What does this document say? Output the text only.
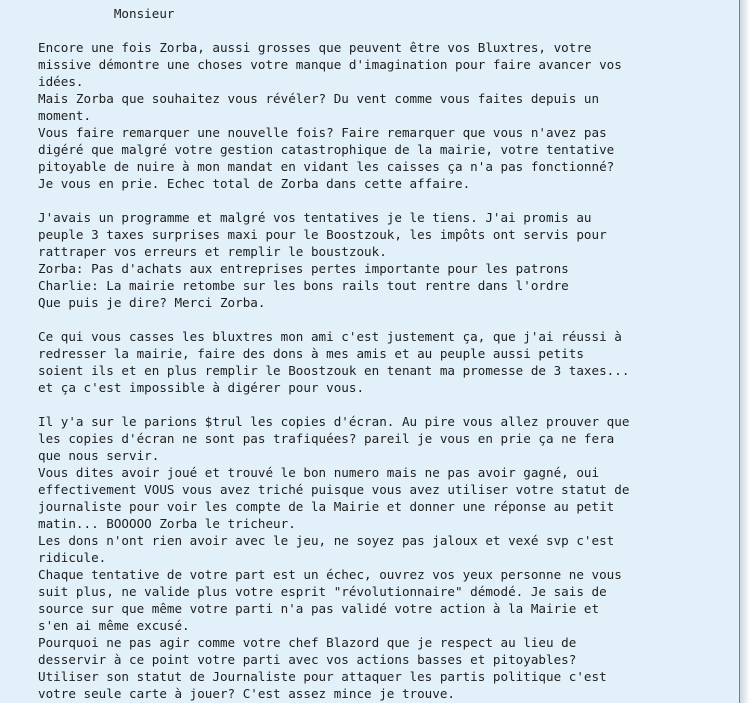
Monsieur

Encore une fois Zorba, aussi grosses que peuvent être vos Bluxtres, votre
missive démontre une choses votre manque d'imagination pour faire avancer vos
idées.
Mais Zorba que souhaitez vous révéler? Du vent comme vous faites depuis un
moment.
Vous faire remarquer une nouvelle fois? Faire remarquer que vous n'avez pas
digéré que malgré votre gestion catastrophique de la mairie, votre tentative
pitoyable de nuire à mon mandat en vidant les caisses ça n'a pas fonctionné?
Je vous en prie. Echec total de Zorba dans cette affaire.

J'avais un programme et malgré vos tentatives je le tiens. J'ai promis au
peuple 3 taxes surprises maxi pour le Boostzouk, les impôts ont servis pour
rattraper vos erreurs et remplir le boustzouk.
Zorba: Pas d'achats aux entreprises pertes importante pour les patrons
Charlie: La mairie retombe sur les bons rails tout rentre dans l'ordre
Que puis je dire? Merci Zorba.

Ce qui vous casses les bluxtres mon ami c'est justement ça, que j'ai réussi à
redresser la mairie, faire des dons à mes amis et au peuple aussi petits
soient ils et en plus remplir le Boostzouk en tenant ma promesse de 3 taxes...
et ça c'est impossible à digérer pour vous.

Il y'a sur le parions $trul les copies d'écran. Au pire vous allez prouver que
les copies d'écran ne sont pas trafiquées? pareil je vous en prie ça ne fera
que nous servir.
Vous dites avoir joué et trouvé le bon numero mais ne pas avoir gagné, oui
effectivement VOUS vous avez triché puisque vous avez utiliser votre statut de
journaliste pour voir les compte de la Mairie et donner une réponse au petit
matin... BOOOOO Zorba le tricheur.
Les dons n'ont rien avoir avec le jeu, ne soyez pas jaloux et vexé svp c'est
ridicule.
Chaque tentative de votre part est un échec, ouvrez vos yeux personne ne vous
suit plus, ne valide plus votre esprit "révolutionnaire" démodé. Je sais de
source sur que même votre parti n'a pas validé votre action à la Mairie et
s'en ai même excusé.
Pourquoi ne pas agir comme votre chef Blazord que je respect au lieu de
desservir à ce point votre parti avec vos actions basses et pitoyables?
Utiliser son statut de Journaliste pour attaquer les partis politique c'est
votre seule carte à jouer? C'est assez mince je trouve.
